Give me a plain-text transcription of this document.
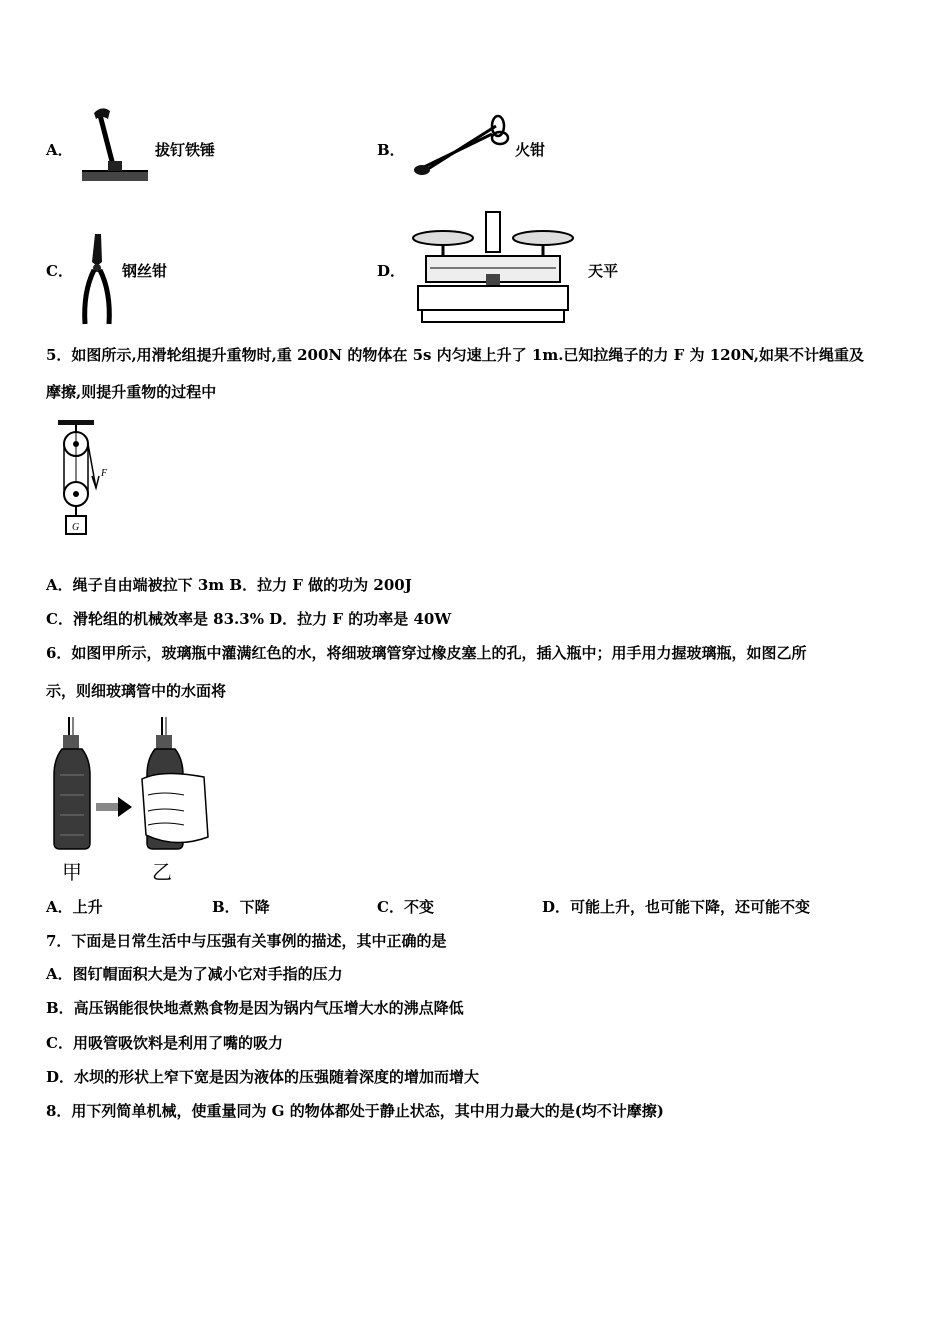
A．	拔钉铁锤	B．	火钳
C．	钢丝钳	D．	天平
5．如图所示,用滑轮组提升重物时,重 200N 的物体在 5s 内匀速上升了 1m.已知拉绳子的力 F 为 120N,如果不计绳重及
摩擦,则提升重物的过程中
F
G
A．绳子自由端被拉下 3m B．拉力 F 做的功为 200J
C．滑轮组的机械效率是 83.3% D．拉力 F 的功率是 40W
6．如图甲所示，玻璃瓶中灌满红色的水，将细玻璃管穿过橡皮塞上的孔，插入瓶中；用手用力握玻璃瓶，如图乙所
示，则细玻璃管中的水面将
甲	乙
A．上升	B．下降	C．不变	D．可能上升，也可能下降，还可能不变
7．下面是日常生活中与压强有关事例的描述，其中正确的是
A．图钉帽面积大是为了减小它对手指的压力
B．高压锅能很快地煮熟食物是因为锅内气压增大水的沸点降低
C．用吸管吸饮料是利用了嘴的吸力
D．水坝的形状上窄下宽是因为液体的压强随着深度的增加而增大
8．用下列简单机械，使重量同为 G 的物体都处于静止状态，其中用力最大的是(均不计摩擦)
